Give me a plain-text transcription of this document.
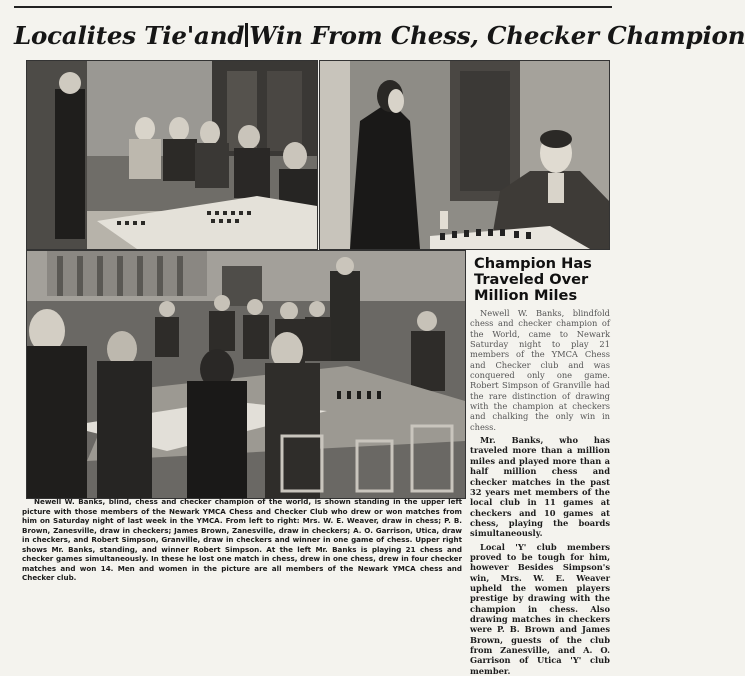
Localites Tie'and Win From Chess, Checker Champion
Champion Has Traveled Over Million Miles

Newell W. Banks, blindfold chess and checker champion of the World, came to Newark Saturday night to play 21 members of the YMCA Chess and Checker club and was conquered only one game. Robert Simpson of Granville had the rare distinction of drawing with the champion at checkers and chalking the only win in chess.

Mr. Banks, who has traveled more than a million miles and played more than a half million chess and checker matches in the past 32 years met members of the local club in 11 games at checkers and 10 games at chess, playing the boards simultaneously.

Local 'Y' club members proved to be tough for him, however Besides Simpson's win, Mrs. W. E. Weaver upheld the women players prestige by drawing with the champion in chess. Also drawing matches in checkers were P. B. Brown and James Brown, guests of the club from Zanesville, and A. O. Garrison of Utica 'Y' club member.

Newell W. Banks, blind, chess and checker champion of the world, is shown standing in the upper left picture with those members of the Newark YMCA Chess and Checker Club who drew or won matches from him on Saturday night of last week in the YMCA. From left to right: Mrs. W. E. Weaver, draw in chess; P. B. Brown, Zanesville, draw in checkers; James Brown, Zanesville, draw in checkers; A. O. Garrison, Utica, draw in checkers, and Robert Simpson, Granville, draw in checkers and winner in one game of chess. Upper right shows Mr. Banks, standing, and winner Robert Simpson. At the left Mr. Banks is playing 21 chess and checker games simultaneously. In these he lost one match in chess, drew in one chess, drew in four checker matches and won 14. Men and women in the picture are all members of the Newark YMCA chess and Checker club.
